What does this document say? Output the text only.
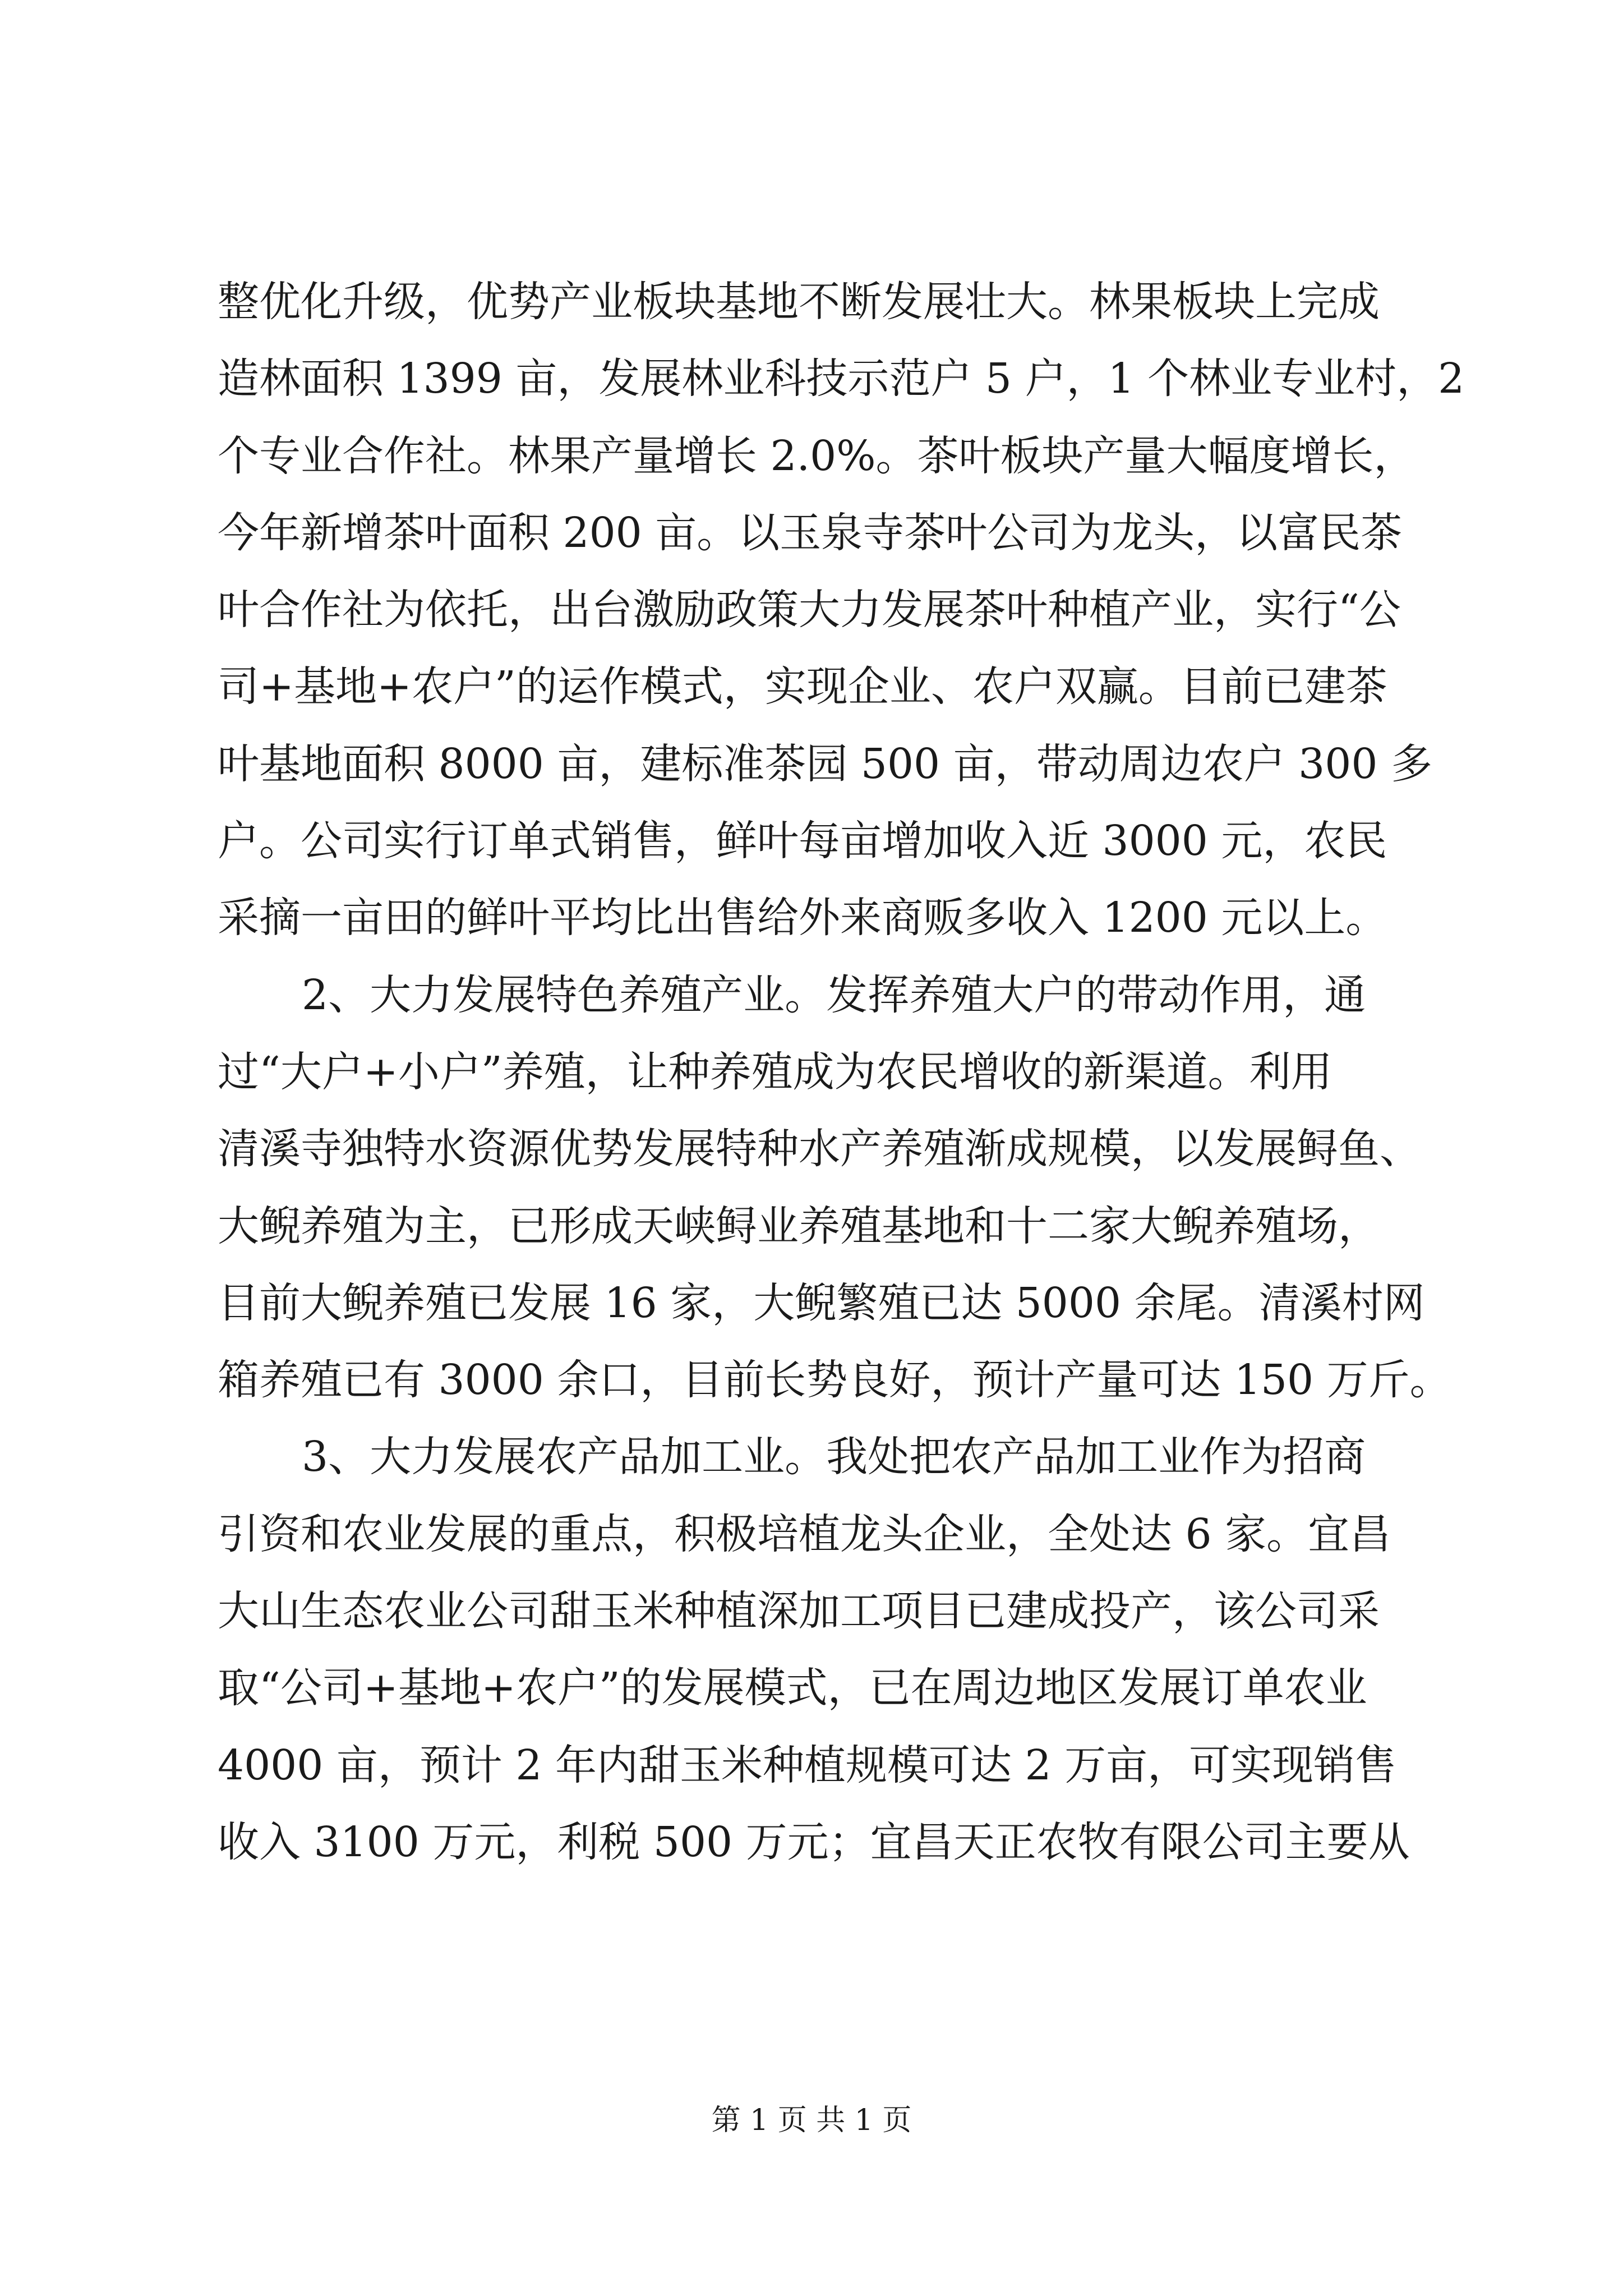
整优化升级，优势产业板块基地不断发展壮大。林果板块上完成
造林面积 1399 亩，发展林业科技示范户 5 户，1 个林业专业村，2
个专业合作社。林果产量增长 2.0%。茶叶板块产量大幅度增长，
今年新增茶叶面积 200 亩。以玉泉寺茶叶公司为龙头，以富民茶
叶合作社为依托，出台激励政策大力发展茶叶种植产业，实行“公
司+基地+农户”的运作模式，实现企业、农户双赢。目前已建茶
叶基地面积 8000 亩，建标准茶园 500 亩，带动周边农户 300 多
户。公司实行订单式销售，鲜叶每亩增加收入近 3000 元，农民
采摘一亩田的鲜叶平均比出售给外来商贩多收入 1200 元以上。
2、大力发展特色养殖产业。发挥养殖大户的带动作用，通
过“大户+小户”养殖，让种养殖成为农民增收的新渠道。利用
清溪寺独特水资源优势发展特种水产养殖渐成规模，以发展鲟鱼、
大鲵养殖为主，已形成天峡鲟业养殖基地和十二家大鲵养殖场，
目前大鲵养殖已发展 16 家，大鲵繁殖已达 5000 余尾。清溪村网
箱养殖已有 3000 余口，目前长势良好，预计产量可达 150 万斤。
3、大力发展农产品加工业。我处把农产品加工业作为招商
引资和农业发展的重点，积极培植龙头企业，全处达 6 家。宜昌
大山生态农业公司甜玉米种植深加工项目已建成投产，该公司采
取“公司+基地+农户”的发展模式，已在周边地区发展订单农业
4000 亩，预计 2 年内甜玉米种植规模可达 2 万亩，可实现销售
收入 3100 万元，利税 500 万元；宜昌天正农牧有限公司主要从
第 1 页 共 1 页
